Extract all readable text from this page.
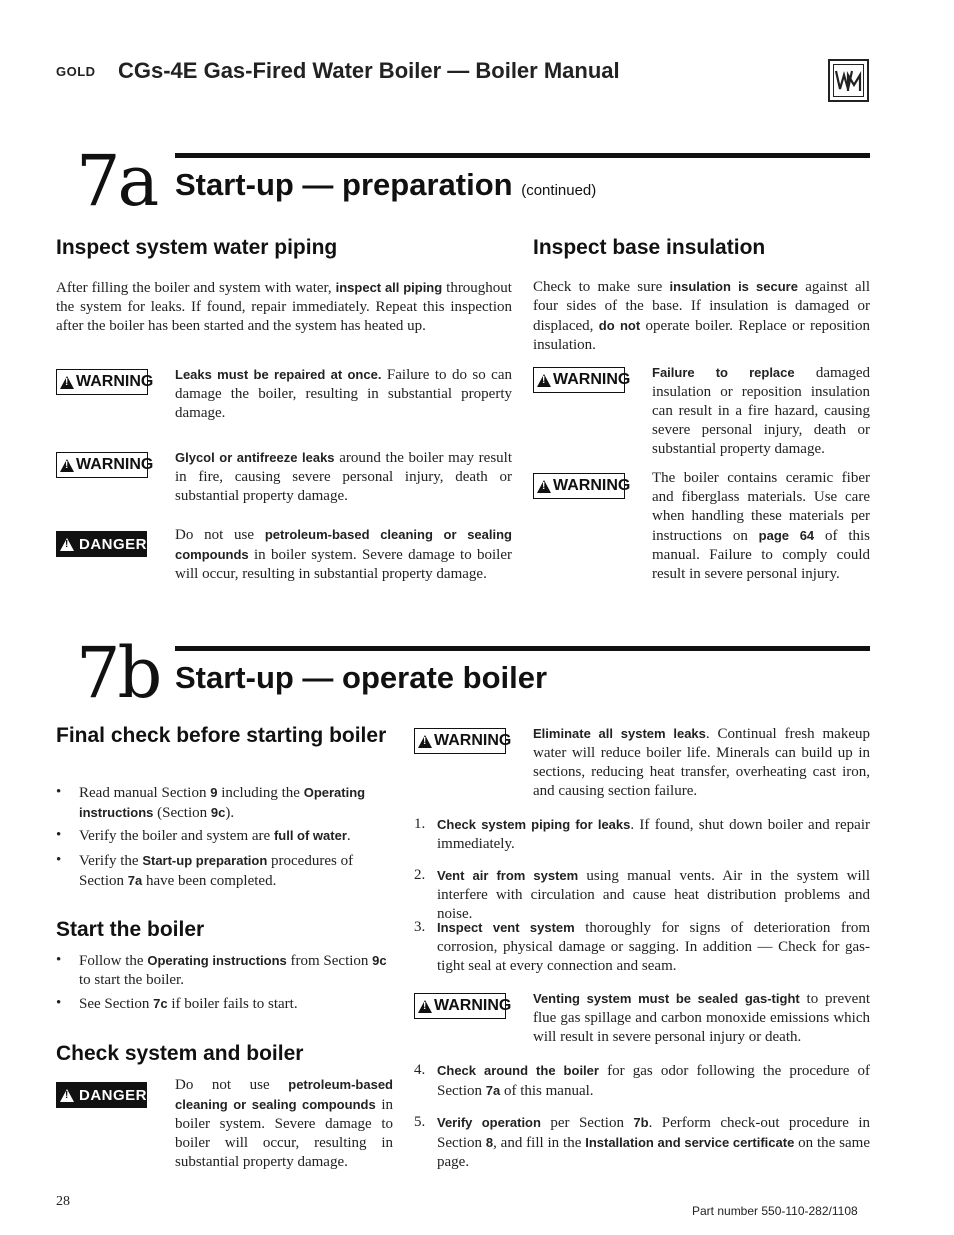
GOLD CGs-4E Gas-Fired Water Boiler — Boiler Manual
7a Start-up — preparation (continued)
Inspect system water piping
After filling the boiler and system with water, inspect all piping throughout the system for leaks. If found, repair immediately. Repeat this inspection after the boiler has been started and the system has heated up.
!
WARNING Leaks must be repaired at once. Failure to do so can damage the boiler, resulting in substantial property damage.
!
WARNING Glycol or antifreeze leaks around the boiler may result in fire, causing severe personal injury, death or substantial property damage.
!
DANGER
Do not use petroleum-based cleaning or sealing compounds in boiler system. Severe damage to boiler will occur, resulting in substantial property damage.
Inspect base insulation
Check to make sure insulation is secure against all four sides of the base. If insulation is damaged or displaced, do not operate boiler. Replace or reposition insulation.
!
WARNING Failure to replace damaged insulation or reposition insulation can result in a fire hazard, causing severe personal injury, death or substantial property damage.
!
WARNING The boiler contains ceramic fiber and fiberglass materials. Use care when handling these materials per instructions on page 64 of this manual. Failure to comply could result in severe personal injury.
7b Start-up — operate boiler
Final check before starting boiler
• Read manual Section 9 including the Operating instructions (Section 9c).
• Verify the boiler and system are full of water.
• Verify the Start-up preparation procedures of Section 7a have been completed.
Start the boiler
• Follow the Operating instructions from Section 9c to start the boiler.
• See Section 7c if boiler fails to start.
Check system and boiler
!
DANGER
Do not use petroleum-based cleaning or sealing compounds in boiler system. Severe damage to boiler will occur, resulting in substantial property damage.
!
WARNING Eliminate all system leaks. Continual fresh makeup water will reduce boiler life. Minerals can build up in sections, reducing heat transfer, overheating cast iron, and causing section failure.
1. Check system piping for leaks. If found, shut down boiler and repair immediately.
2. Vent air from system using manual vents. Air in the system will interfere with circulation and cause heat distribution problems and noise.
3. Inspect vent system thoroughly for signs of deterioration from corrosion, physical damage or sagging. In addition — Check for gas-tight seal at every connection and seam.
!
WARNING Venting system must be sealed gas-tight to prevent flue gas spillage and carbon monoxide emissions which will result in severe personal injury or death.
4. Check around the boiler for gas odor following the procedure of Section 7a of this manual.
5. Verify operation per Section 7b. Perform check-out procedure in Section 8, and fill in the Installation and service certificate on the same page.
28
Part number 550-110-282/1108
